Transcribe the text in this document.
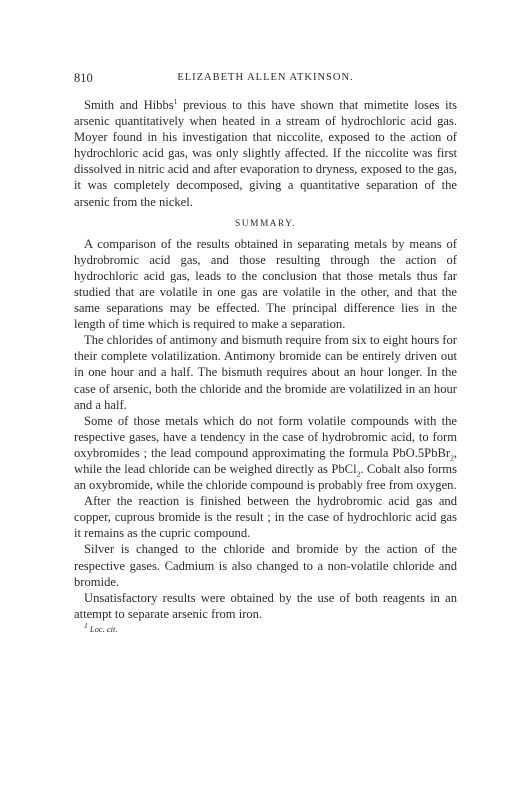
810	ELIZABETH ALLEN ATKINSON.

Smith and Hibbs$^1$ previous to this have shown that mimetite loses its arsenic quantitatively when heated in a stream of hydrochloric acid gas. Moyer found in his investigation that niccolite, exposed to the action of hydrochloric acid gas, was only slightly affected. If the niccolite was first dissolved in nitric acid and after evaporation to dryness, exposed to the gas, it was completely decomposed, giving a quantitative separation of the arsenic from the nickel.

SUMMARY.

A comparison of the results obtained in separating metals by means of hydrobromic acid gas, and those resulting through the action of hydrochloric acid gas, leads to the conclusion that those metals thus far studied that are volatile in one gas are volatile in the other, and that the same separations may be effected. The principal difference lies in the length of time which is required to make a separation.

The chlorides of antimony and bismuth require from six to eight hours for their complete volatilization. Antimony bromide can be entirely driven out in one hour and a half. The bismuth requires about an hour longer. In the case of arsenic, both the chloride and the bromide are volatilized in an hour and a half.

Some of those metals which do not form volatile compounds with the respective gases, have a tendency in the case of hydrobromic acid, to form oxybromides ; the lead compound approximating the formula PbO.5PbBr$_2$, while the lead chloride can be weighed directly as PbCl$_2$. Cobalt also forms an oxybromide, while the chloride compound is probably free from oxygen.

After the reaction is finished between the hydrobromic acid gas and copper, cuprous bromide is the result ; in the case of hydrochloric acid gas it remains as the cupric compound.

Silver is changed to the chloride and bromide by the action of the respective gases. Cadmium is also changed to a non-volatile chloride and bromide.

Unsatisfactory results were obtained by the use of both reagents in an attempt to separate arsenic from iron.

$^1$ Loc. cit.
